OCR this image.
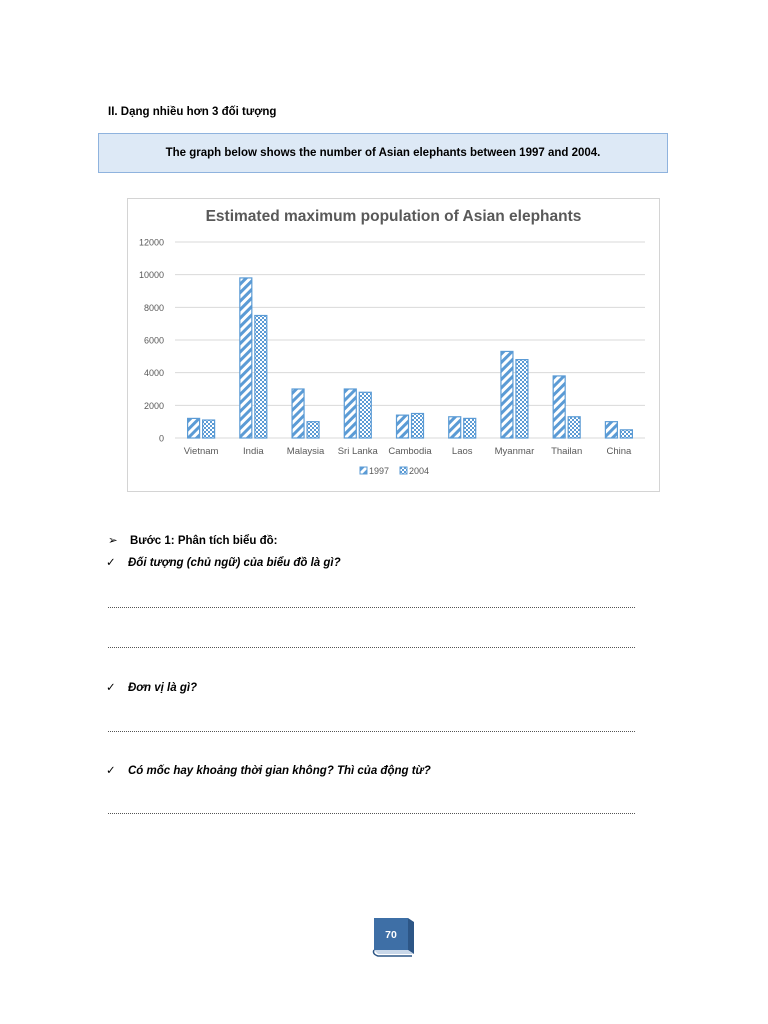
II. Dạng nhiều hơn 3 đối tượng
The graph below shows the number of Asian elephants between 1997 and 2004.
Estimated maximum population of Asian elephants
0
2000
4000
6000
8000
10000
12000
Vietnam	India Malaysia Sri Lanka Cambodia Laos Myanmar Thailan	China
1997 2004
➢ Bước 1: Phân tích biểu đồ:
✓ Đối tượng (chủ ngữ) của biểu đồ là gì?
✓ Đơn vị là gì?
✓ Có mốc hay khoảng thời gian không? Thì của động từ?
70
